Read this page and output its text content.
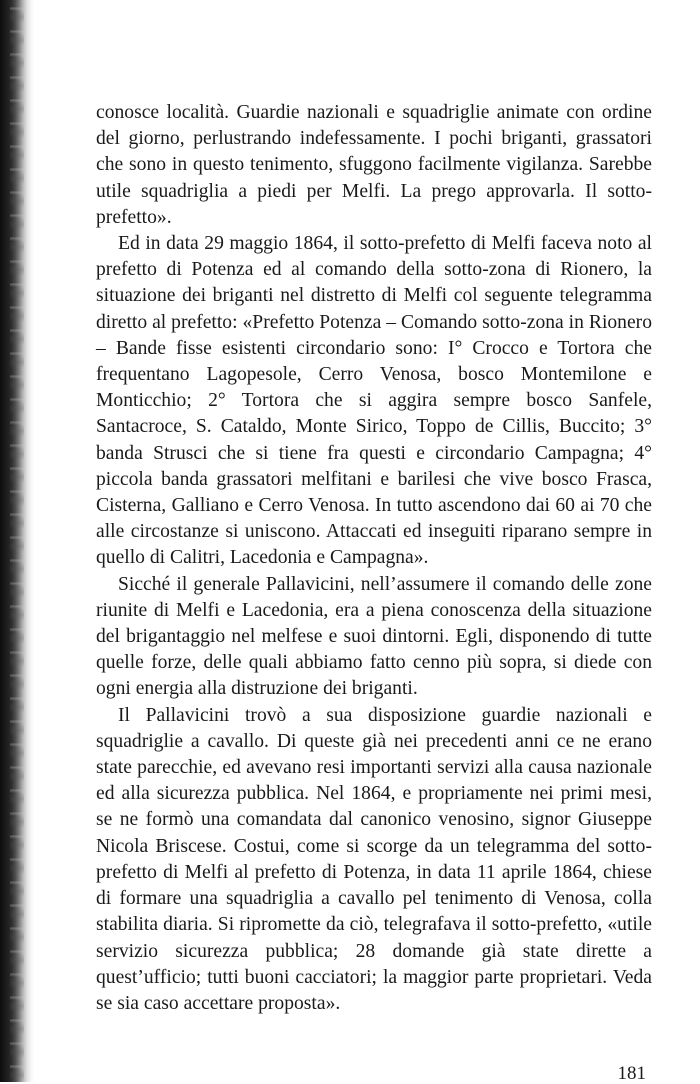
conosce località. Guardie nazionali e squadriglie animate con ordine del giorno, perlustrando indefessamente. I pochi briganti, grassatori che sono in questo tenimento, sfuggono facilmente vigilanza. Sarebbe utile squadriglia a piedi per Melfi. La prego approvarla. Il sotto-prefetto».

Ed in data 29 maggio 1864, il sotto-prefetto di Melfi faceva noto al prefetto di Potenza ed al comando della sotto-zona di Rionero, la situazione dei briganti nel distretto di Melfi col seguente telegramma diretto al prefetto: «Prefetto Potenza – Comando sotto-zona in Rionero – Bande fisse esistenti circondario sono: I° Crocco e Tortora che frequentano Lagopesole, Cerro Venosa, bosco Montemilone e Monticchio; 2° Tortora che si aggira sempre bosco Sanfele, Santacroce, S. Cataldo, Monte Sirico, Toppo de Cillis, Buccito; 3° banda Strusci che si tiene fra questi e circondario Campagna; 4° piccola banda grassatori melfitani e barilesi che vive bosco Frasca, Cisterna, Galliano e Cerro Venosa. In tutto ascendono dai 60 ai 70 che alle circostanze si uniscono. Attaccati ed inseguiti riparano sempre in quello di Calitri, Lacedonia e Campagna».

Sicché il generale Pallavicini, nell’assumere il comando delle zone riunite di Melfi e Lacedonia, era a piena conoscenza della situazione del brigantaggio nel melfese e suoi dintorni. Egli, disponendo di tutte quelle forze, delle quali abbiamo fatto cenno più sopra, si diede con ogni energia alla distruzione dei briganti.

Il Pallavicini trovò a sua disposizione guardie nazionali e squadriglie a cavallo. Di queste già nei precedenti anni ce ne erano state parecchie, ed avevano resi importanti servizi alla causa nazionale ed alla sicurezza pubblica. Nel 1864, e propriamente nei primi mesi, se ne formò una comandata dal canonico venosino, signor Giuseppe Nicola Briscese. Costui, come si scorge da un telegramma del sotto-prefetto di Melfi al prefetto di Potenza, in data 11 aprile 1864, chiese di formare una squadriglia a cavallo pel tenimento di Venosa, colla stabilita diaria. Si ripromette da ciò, telegrafava il sotto-prefetto, «utile servizio sicurezza pubblica; 28 domande già state dirette a quest’ufficio; tutti buoni cacciatori; la maggior parte proprietari. Veda se sia caso accettare proposta».

181
